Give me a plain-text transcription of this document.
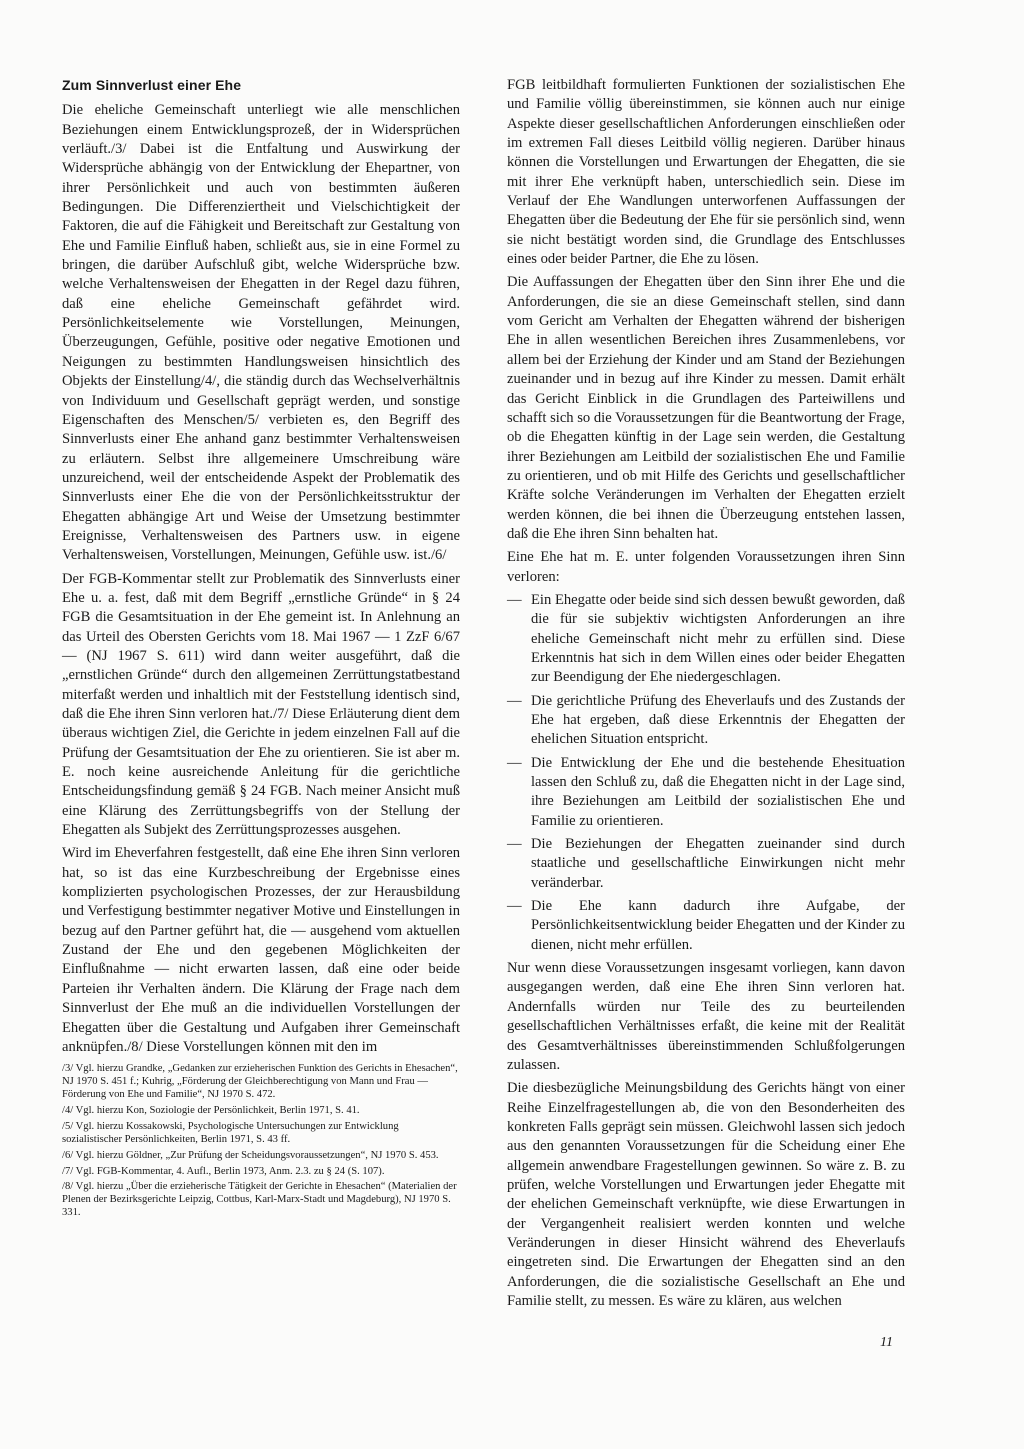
Zum Sinnverlust einer Ehe

Die eheliche Gemeinschaft unterliegt wie alle menschlichen Beziehungen einem Entwicklungsprozeß, der in Widersprüchen verläuft./3/ Dabei ist die Entfaltung und Auswirkung der Widersprüche abhängig von der Entwicklung der Ehepartner, von ihrer Persönlichkeit und auch von bestimmten äußeren Bedingungen. Die Differenziertheit und Vielschichtigkeit der Faktoren, die auf die Fähigkeit und Bereitschaft zur Gestaltung von Ehe und Familie Einfluß haben, schließt aus, sie in eine Formel zu bringen, die darüber Aufschluß gibt, welche Widersprüche bzw. welche Verhaltensweisen der Ehegatten in der Regel dazu führen, daß eine eheliche Gemeinschaft gefährdet wird. Persönlichkeitselemente wie Vorstellungen, Meinungen, Überzeugungen, Gefühle, positive oder negative Emotionen und Neigungen zu bestimmten Handlungsweisen hinsichtlich des Objekts der Einstellung/4/, die ständig durch das Wechselverhältnis von Individuum und Gesellschaft geprägt werden, und sonstige Eigenschaften des Menschen/5/ verbieten es, den Begriff des Sinnverlusts einer Ehe anhand ganz bestimmter Verhaltensweisen zu erläutern. Selbst ihre allgemeinere Umschreibung wäre unzureichend, weil der entscheidende Aspekt der Problematik des Sinnverlusts einer Ehe die von der Persönlichkeitsstruktur der Ehegatten abhängige Art und Weise der Umsetzung bestimmter Ereignisse, Verhaltensweisen des Partners usw. in eigene Verhaltensweisen, Vorstellungen, Meinungen, Gefühle usw. ist./6/

Der FGB-Kommentar stellt zur Problematik des Sinnverlusts einer Ehe u. a. fest, daß mit dem Begriff „ernstliche Gründe“ in § 24 FGB die Gesamtsituation in der Ehe gemeint ist. In Anlehnung an das Urteil des Obersten Gerichts vom 18. Mai 1967 — 1 ZzF 6/67 — (NJ 1967 S. 611) wird dann weiter ausgeführt, daß die „ernstlichen Gründe“ durch den allgemeinen Zerrüttungstatbestand miterfaßt werden und inhaltlich mit der Feststellung identisch sind, daß die Ehe ihren Sinn verloren hat./7/ Diese Erläuterung dient dem überaus wichtigen Ziel, die Gerichte in jedem einzelnen Fall auf die Prüfung der Gesamtsituation der Ehe zu orientieren. Sie ist aber m. E. noch keine ausreichende Anleitung für die gerichtliche Entscheidungsfindung gemäß § 24 FGB. Nach meiner Ansicht muß eine Klärung des Zerrüttungsbegriffs von der Stellung der Ehegatten als Subjekt des Zerrüttungsprozesses ausgehen.

Wird im Eheverfahren festgestellt, daß eine Ehe ihren Sinn verloren hat, so ist das eine Kurzbeschreibung der Ergebnisse eines komplizierten psychologischen Prozesses, der zur Herausbildung und Verfestigung bestimmter negativer Motive und Einstellungen in bezug auf den Partner geführt hat, die — ausgehend vom aktuellen Zustand der Ehe und den gegebenen Möglichkeiten der Einflußnahme — nicht erwarten lassen, daß eine oder beide Parteien ihr Verhalten ändern. Die Klärung der Frage nach dem Sinnverlust der Ehe muß an die individuellen Vorstellungen der Ehegatten über die Gestaltung und Aufgaben ihrer Gemeinschaft anknüpfen./8/ Diese Vorstellungen können mit den im

/3/ Vgl. hierzu Grandke, „Gedanken zur erzieherischen Funktion des Gerichts in Ehesachen“, NJ 1970 S. 451 f.; Kuhrig, „Förderung der Gleichberechtigung von Mann und Frau — Förderung von Ehe und Familie“, NJ 1970 S. 472.
/4/ Vgl. hierzu Kon, Soziologie der Persönlichkeit, Berlin 1971, S. 41.
/5/ Vgl. hierzu Kossakowski, Psychologische Untersuchungen zur Entwicklung sozialistischer Persönlichkeiten, Berlin 1971, S. 43 ff.
/6/ Vgl. hierzu Göldner, „Zur Prüfung der Scheidungsvoraussetzungen“, NJ 1970 S. 453.
/7/ Vgl. FGB-Kommentar, 4. Aufl., Berlin 1973, Anm. 2.3. zu § 24 (S. 107).
/8/ Vgl. hierzu „Über die erzieherische Tätigkeit der Gerichte in Ehesachen“ (Materialien der Plenen der Bezirksgerichte Leipzig, Cottbus, Karl-Marx-Stadt und Magdeburg), NJ 1970 S. 331.

FGB leitbildhaft formulierten Funktionen der sozialistischen Ehe und Familie völlig übereinstimmen, sie können auch nur einige Aspekte dieser gesellschaftlichen Anforderungen einschließen oder im extremen Fall dieses Leitbild völlig negieren. Darüber hinaus können die Vorstellungen und Erwartungen der Ehegatten, die sie mit ihrer Ehe verknüpft haben, unterschiedlich sein. Diese im Verlauf der Ehe Wandlungen unterworfenen Auffassungen der Ehegatten über die Bedeutung der Ehe für sie persönlich sind, wenn sie nicht bestätigt worden sind, die Grundlage des Entschlusses eines oder beider Partner, die Ehe zu lösen.

Die Auffassungen der Ehegatten über den Sinn ihrer Ehe und die Anforderungen, die sie an diese Gemeinschaft stellen, sind dann vom Gericht am Verhalten der Ehegatten während der bisherigen Ehe in allen wesentlichen Bereichen ihres Zusammenlebens, vor allem bei der Erziehung der Kinder und am Stand der Beziehungen zueinander und in bezug auf ihre Kinder zu messen. Damit erhält das Gericht Einblick in die Grundlagen des Parteiwillens und schafft sich so die Voraussetzungen für die Beantwortung der Frage, ob die Ehegatten künftig in der Lage sein werden, die Gestaltung ihrer Beziehungen am Leitbild der sozialistischen Ehe und Familie zu orientieren, und ob mit Hilfe des Gerichts und gesellschaftlicher Kräfte solche Veränderungen im Verhalten der Ehegatten erzielt werden können, die bei ihnen die Überzeugung entstehen lassen, daß die Ehe ihren Sinn behalten hat.

Eine Ehe hat m. E. unter folgenden Voraussetzungen ihren Sinn verloren:

— Ein Ehegatte oder beide sind sich dessen bewußt geworden, daß die für sie subjektiv wichtigsten Anforderungen an ihre eheliche Gemeinschaft nicht mehr zu erfüllen sind. Diese Erkenntnis hat sich in dem Willen eines oder beider Ehegatten zur Beendigung der Ehe niedergeschlagen.
— Die gerichtliche Prüfung des Eheverlaufs und des Zustands der Ehe hat ergeben, daß diese Erkenntnis der Ehegatten der ehelichen Situation entspricht.
— Die Entwicklung der Ehe und die bestehende Ehesituation lassen den Schluß zu, daß die Ehegatten nicht in der Lage sind, ihre Beziehungen am Leitbild der sozialistischen Ehe und Familie zu orientieren.
— Die Beziehungen der Ehegatten zueinander sind durch staatliche und gesellschaftliche Einwirkungen nicht mehr veränderbar.
— Die Ehe kann dadurch ihre Aufgabe, der Persönlichkeitsentwicklung beider Ehegatten und der Kinder zu dienen, nicht mehr erfüllen.

Nur wenn diese Voraussetzungen insgesamt vorliegen, kann davon ausgegangen werden, daß eine Ehe ihren Sinn verloren hat. Andernfalls würden nur Teile des zu beurteilenden gesellschaftlichen Verhältnisses erfaßt, die keine mit der Realität des Gesamtverhältnisses übereinstimmenden Schlußfolgerungen zulassen.

Die diesbezügliche Meinungsbildung des Gerichts hängt von einer Reihe Einzelfragestellungen ab, die von den Besonderheiten des konkreten Falls geprägt sein müssen. Gleichwohl lassen sich jedoch aus den genannten Voraussetzungen für die Scheidung einer Ehe allgemein anwendbare Fragestellungen gewinnen. So wäre z. B. zu prüfen, welche Vorstellungen und Erwartungen jeder Ehegatte mit der ehelichen Gemeinschaft verknüpfte, wie diese Erwartungen in der Vergangenheit realisiert werden konnten und welche Veränderungen in dieser Hinsicht während des Eheverlaufs eingetreten sind. Die Erwartungen der Ehegatten sind an den Anforderungen, die die sozialistische Gesellschaft an Ehe und Familie stellt, zu messen. Es wäre zu klären, aus welchen

11
